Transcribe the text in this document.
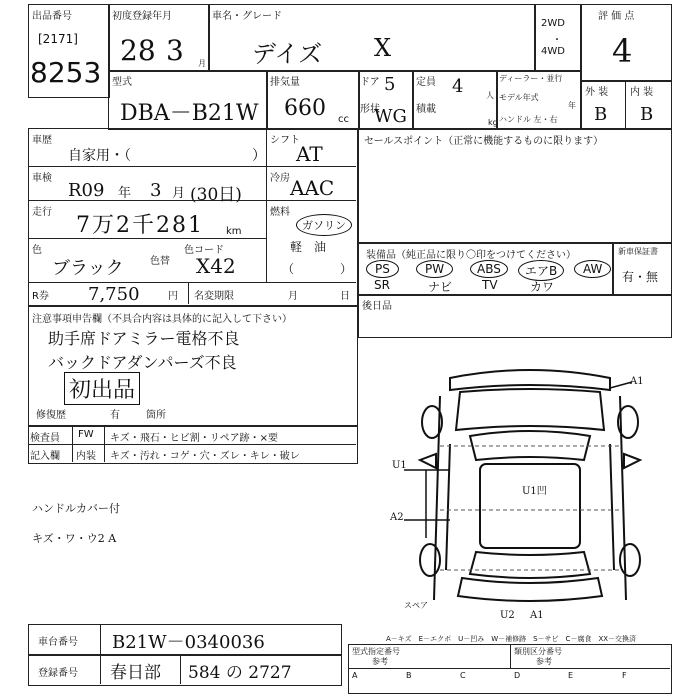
出品番号
[2171]
8253
初度登録年月
28 3 月
車名・グレード
デイズ X
2WD
・
4WD
評 価 点
4
外 装 内 装
B B
型式
DBA－B21W
排気量
660 cc
ドア 5
形状
WG
定員 4	人
積載
kg
ディーラー・並行
モデル年式
年
ハンドル 左・右
車歴
自家用・（	）
シフト
AT
車検
R09 年 3 月 (30日)
冷房 AAC
走行
7万2千281 km
燃料
ガソリン
軽　油
（	）
色
ブラック	色替
色コード
X42
R券 7,750	円 名変期限	月	日
セールスポイント（正常に機能するものに限ります）
装備品（純正品に限り〇印をつけてください）	新車保証書
有・無
PS	PW	ABS	エアB	AW
SR	ナビ TV	カワ
後日品
注意事項申告欄（不具合内容は具体的に記入して下さい）
助手席ドアミラー電格不良
バックドアダンパーズ不良
初出品
修復歴	有	箇所
検査員 FW キズ・飛石・ヒビ割・リペア跡・×要
記入欄 内装 キズ・汚れ・コゲ・穴・ズレ・キレ・破レ
ハンドルカバー付
キズ・ワ・ウ2 A
A1
U1
A2
U1凹
U2 A1
スペア
A－キズ　E－エクボ　U－凹み　W－補修跡　S－サビ　C－腐食　XX－交換済
車台番号 B21W－0340036
登録番号 春日部 584 の 2727
型式指定番号
参考
類別区分番号
参考
A	B	C	D	E	F
